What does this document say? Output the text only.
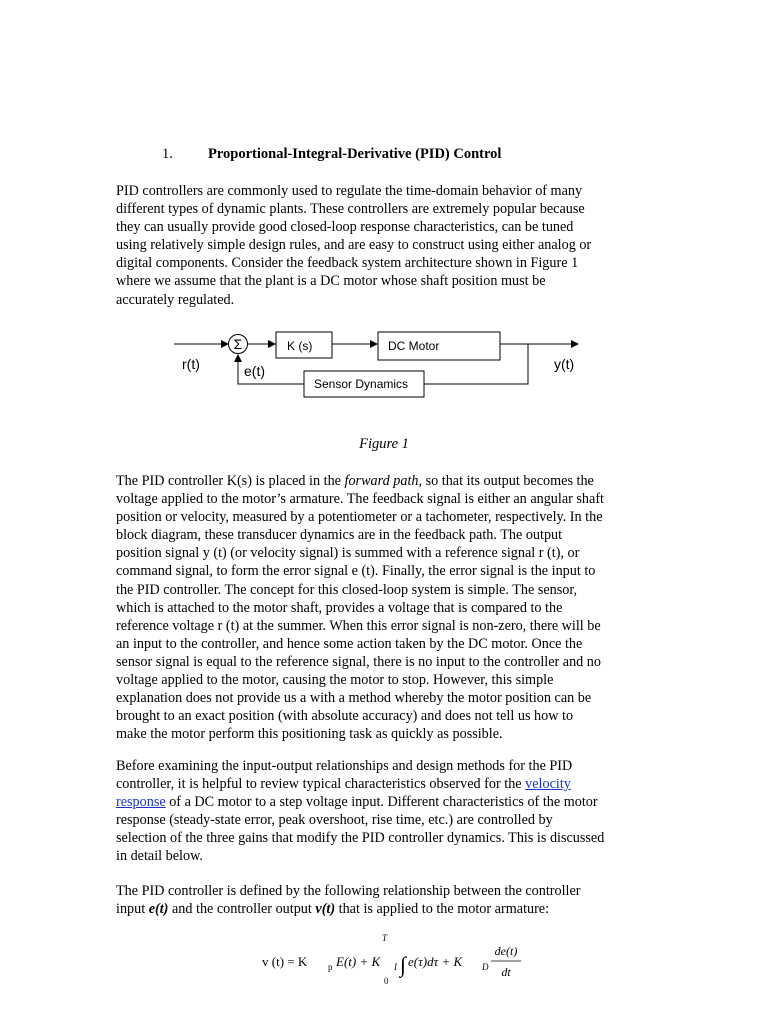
1. Proportional-Integral-Derivative (PID) Control
PID controllers are commonly used to regulate the time-domain behavior of many
different types of dynamic plants. These controllers are extremely popular because
they can usually provide good closed-loop response characteristics, can be tuned
using relatively simple design rules, and are easy to construct using either analog or
digital components. Consider the feedback system architecture shown in Figure 1
where we assume that the plant is a DC motor whose shaft position must be
accurately regulated.
Σ	K (s)	DC Motor
Sensor Dynamics
r(t)	e(t)	y(t)
Figure 1
The PID controller K(s) is placed in the forward path, so that its output becomes the
voltage applied to the motor’s armature. The feedback signal is either an angular shaft
position or velocity, measured by a potentiometer or a tachometer, respectively. In the
block diagram, these transducer dynamics are in the feedback path. The output
position signal y (t) (or velocity signal) is summed with a reference signal r (t), or
command signal, to form the error signal e (t). Finally, the error signal is the input to
the PID controller. The concept for this closed-loop system is simple. The sensor,
which is attached to the motor shaft, provides a voltage that is compared to the
reference voltage r (t) at the summer. When this error signal is non-zero, there will be
an input to the controller, and hence some action taken by the DC motor. Once the
sensor signal is equal to the reference signal, there is no input to the controller and no
voltage applied to the motor, causing the motor to stop. However, this simple
explanation does not provide us a with a method whereby the motor position can be
brought to an exact position (with absolute accuracy) and does not tell us how to
make the motor perform this positioning task as quickly as possible.
Before examining the input-output relationships and design methods for the PID
controller, it is helpful to review typical characteristics observed for the velocity
response of a DC motor to a step voltage input. Different characteristics of the motor
response (steady-state error, peak overshoot, rise time, etc.) are controlled by
selection of the three gains that modify the PID controller dynamics. This is discussed
in detail below.
The PID controller is defined by the following relationship between the controller
input e(t) and the controller output v(t) that is applied to the motor armature:
v (t) = K p E(t) + K I
T
∫
0
e(τ)dτ + K D
de(t)
dt
